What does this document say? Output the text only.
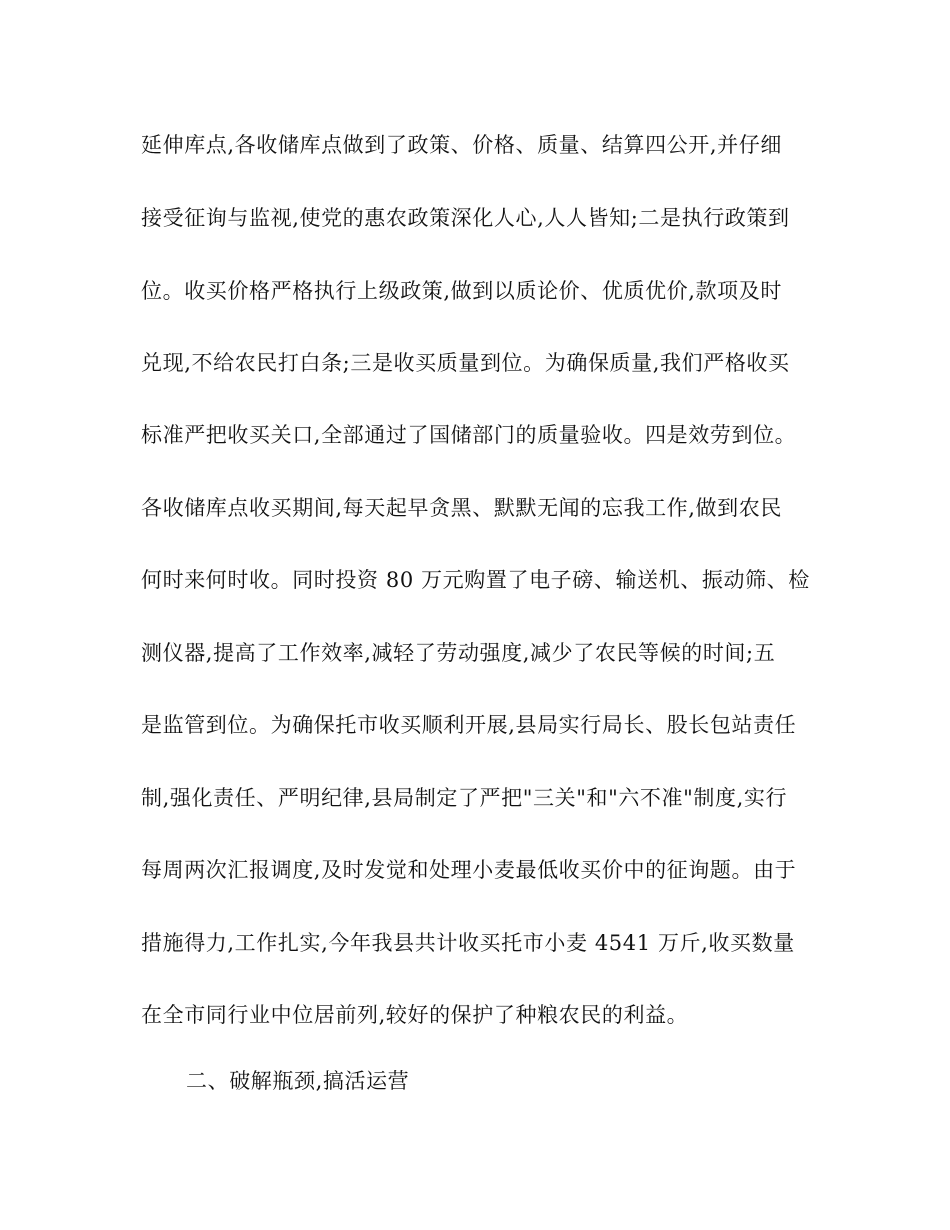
延伸库点,各收储库点做到了政策、价格、质量、结算四公开,并仔细
接受征询与监视,使党的惠农政策深化人心,人人皆知;二是执行政策到
位。收买价格严格执行上级政策,做到以质论价、优质优价,款项及时
兑现,不给农民打白条;三是收买质量到位。为确保质量,我们严格收买
标准严把收买关口,全部通过了国储部门的质量验收。四是效劳到位。
各收储库点收买期间,每天起早贪黑、默默无闻的忘我工作,做到农民
何时来何时收。同时投资 80 万元购置了电子磅、输送机、振动筛、检
测仪器,提高了工作效率,减轻了劳动强度,减少了农民等候的时间;五
是监管到位。为确保托市收买顺利开展,县局实行局长、股长包站责任
制,强化责任、严明纪律,县局制定了严把"三关"和"六不准"制度,实行
每周两次汇报调度,及时发觉和处理小麦最低收买价中的征询题。由于
措施得力,工作扎实,今年我县共计收买托市小麦 4541 万斤,收买数量
在全市同行业中位居前列,较好的保护了种粮农民的利益。
二、破解瓶颈,搞活运营
